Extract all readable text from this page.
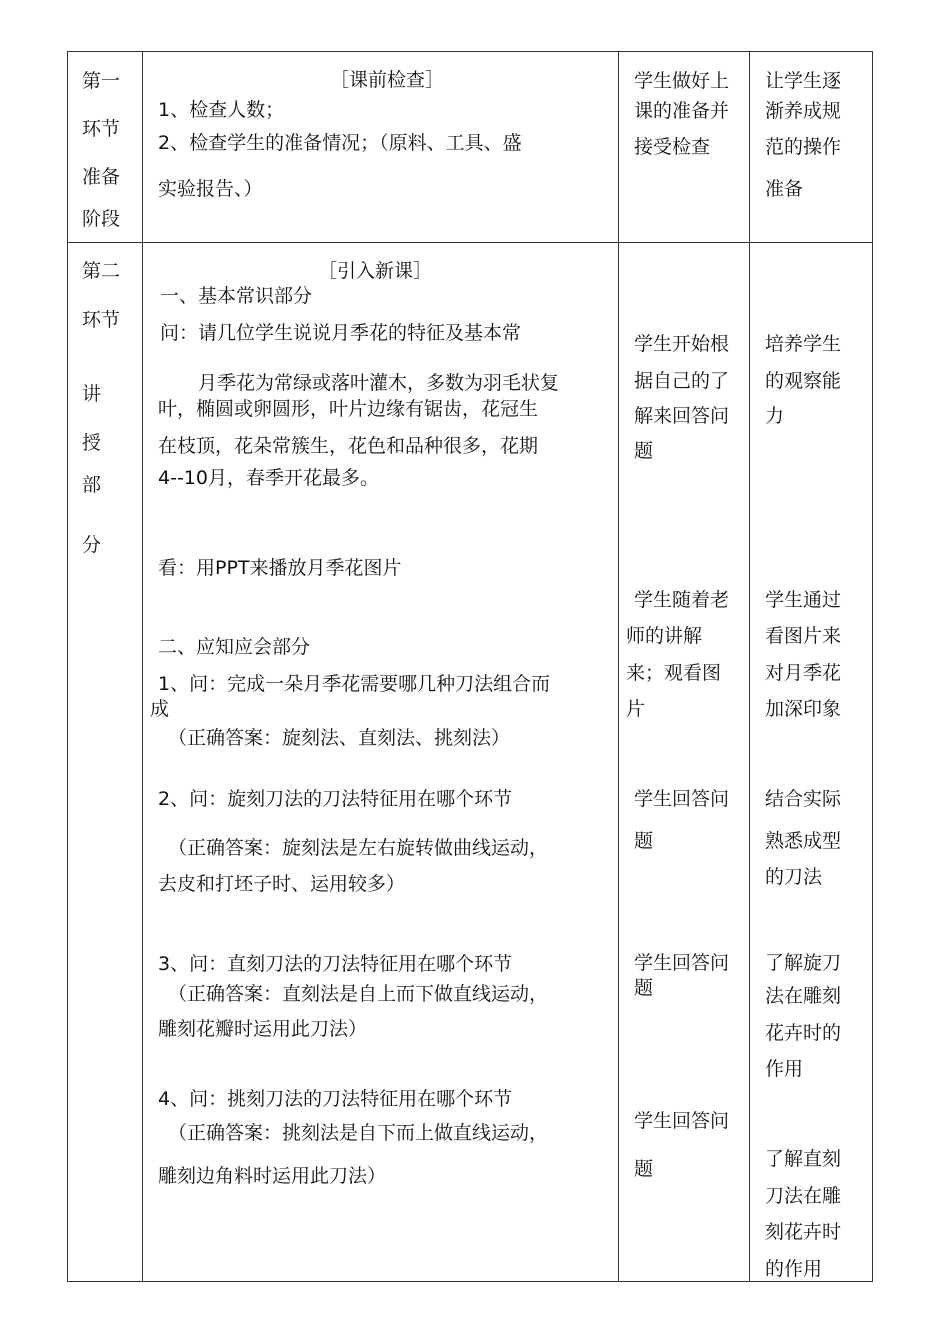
第一
环节
准备
阶段
［课前检查］
1、检查人数；
2、检查学生的准备情况；（原料、工具、盛
实验报告、）
学生做好上
课的准备并
接受检查
让学生逐
渐养成规
范的操作
准备
第二
环节
讲
授
部
分
［引入新课］
一、基本常识部分
问：请几位学生说说月季花的特征及基本常
月季花为常绿或落叶灌木，多数为羽毛状复
叶，椭圆或卵圆形，叶片边缘有锯齿，花冠生
在枝顶，花朵常簇生，花色和品种很多，花期
4--10月，春季开花最多。
看：用PPT来播放月季花图片
二、应知应会部分
1、问：完成一朵月季花需要哪几种刀法组合而
成
（正确答案：旋刻法、直刻法、挑刻法）
2、问：旋刻刀法的刀法特征用在哪个环节
（正确答案：旋刻法是左右旋转做曲线运动，
去皮和打坯子时、运用较多）
3、问：直刻刀法的刀法特征用在哪个环节
（正确答案：直刻法是自上而下做直线运动，
雕刻花瓣时运用此刀法）
4、问：挑刻刀法的刀法特征用在哪个环节
（正确答案：挑刻法是自下而上做直线运动，
雕刻边角料时运用此刀法）
学生开始根
据自己的了
解来回答问
题
学生随着老
师的讲解
来；观看图
片
学生回答问
题
学生回答问
题
学生回答问
题
培养学生
的观察能
力
学生通过
看图片来
对月季花
加深印象
结合实际
熟悉成型
的刀法
了解旋刀
法在雕刻
花卉时的
作用
了解直刻
刀法在雕
刻花卉时
的作用
